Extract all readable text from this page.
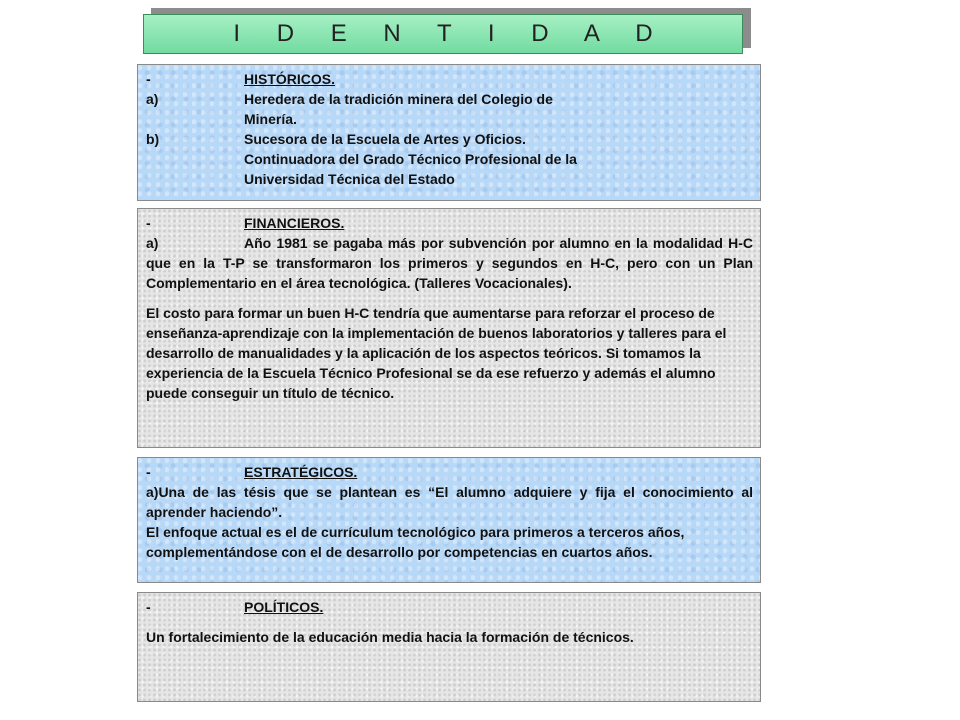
I D E N T I D A D
-	HISTÓRICOS.
a)	Heredera de la tradición minera del Colegio de
Minería.
b)	Sucesora de la Escuela de Artes y Oficios.
Continuadora del Grado Técnico Profesional de la
Universidad Técnica del Estado
-	FINANCIEROS.
a)	Año 1981 se pagaba más por subvención por alumno en la modalidad H-C que en la T-P se transformaron los primeros y segundos en H-C, pero con un Plan Complementario en el área tecnológica. (Talleres Vocacionales).
El costo para formar un buen H-C tendría que aumentarse para reforzar el proceso de enseñanza-aprendizaje con la implementación de buenos laboratorios y talleres para el desarrollo de manualidades y la aplicación de los aspectos teóricos. Si tomamos la experiencia de la Escuela Técnico Profesional se da ese refuerzo y además el alumno puede conseguir un título de técnico.
-	ESTRATÉGICOS.
a)Una de las tésis que se plantean es “El alumno adquiere y fija el conocimiento al aprender haciendo”.
El enfoque actual es el de currículum tecnológico para primeros a terceros años, complementándose con el de desarrollo por competencias en cuartos años.
-	POLÍTICOS.
Un fortalecimiento de la educación media hacia la formación de técnicos.
